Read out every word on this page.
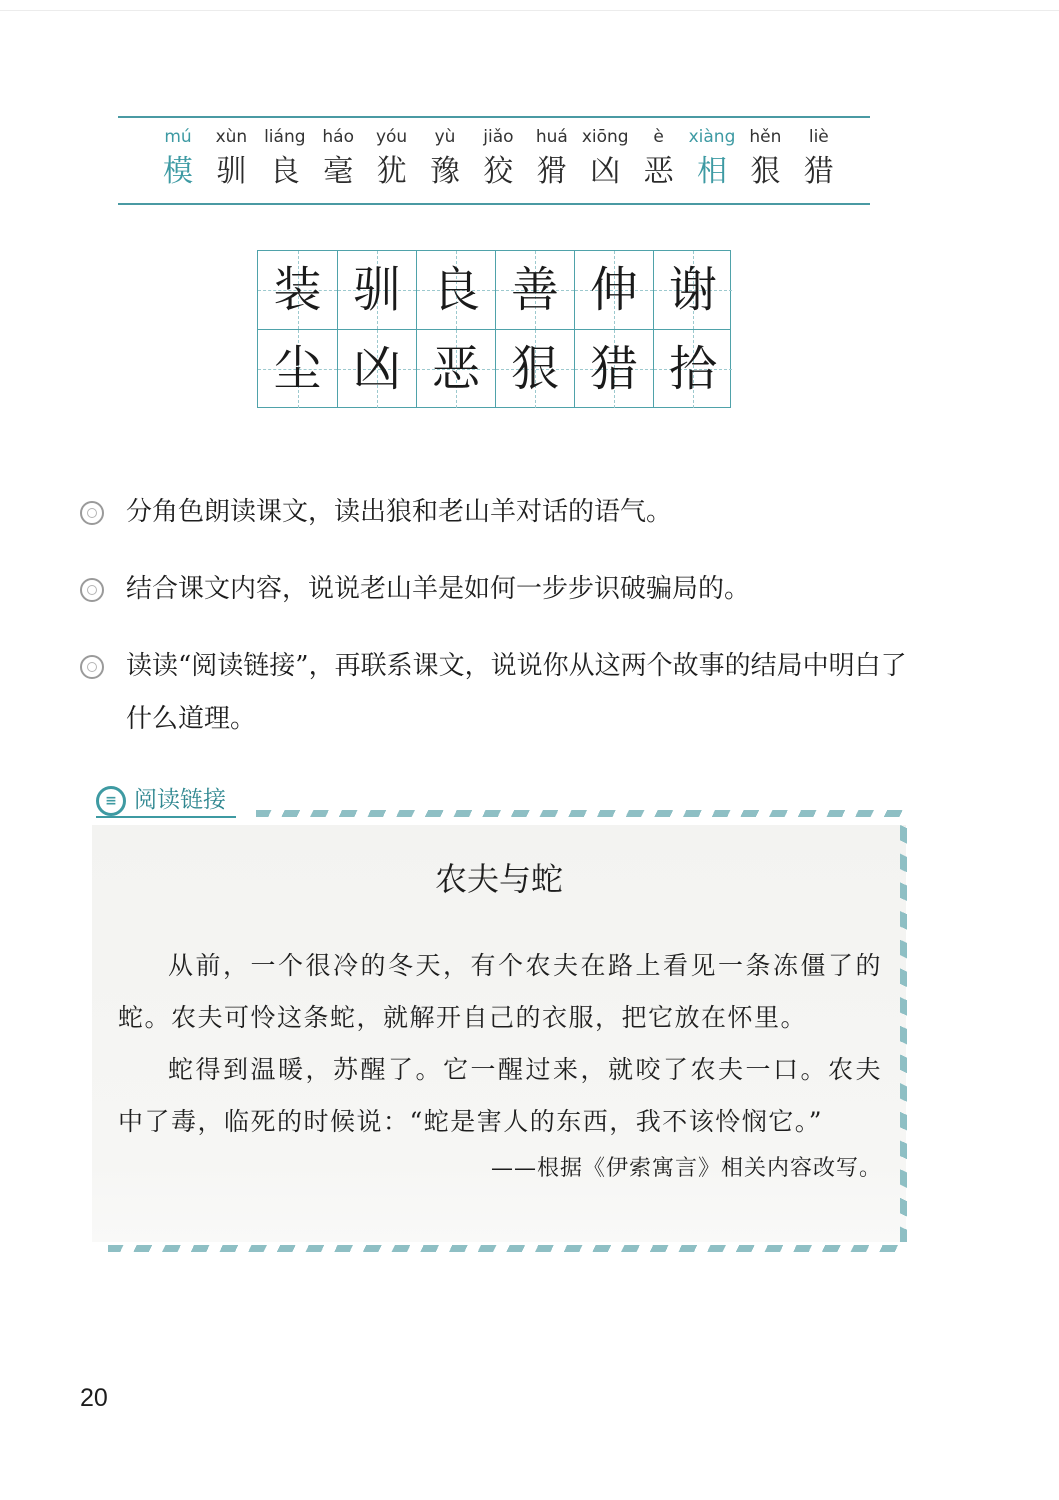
mú
模
xùn
驯
liáng
良
háo
毫
yóu
犹
yù
豫
jiǎo
狡
huá
猾
xiōng
凶
è
恶
xiàng
相
hěn
狠
liè
猎
装 驯 良 善 伸 谢
尘 凶 恶 狠 猎 拾
分角色朗读课文，读出狼和老山羊对话的语气。
结合课文内容，说说老山羊是如何一步步识破骗局的。
读读“阅读链接”，再联系课文，说说你从这两个故事的结局中明白了什么道理。
≡ 阅读链接
农夫与蛇

从前，一个很冷的冬天，有个农夫在路上看见一条冻僵了的蛇。农夫可怜这条蛇，就解开自己的衣服，把它放在怀里。

蛇得到温暖，苏醒了。它一醒过来，就咬了农夫一口。农夫中了毒，临死的时候说：“蛇是害人的东西，我不该怜悯它。”

——根据《伊索寓言》相关内容改写。
20
